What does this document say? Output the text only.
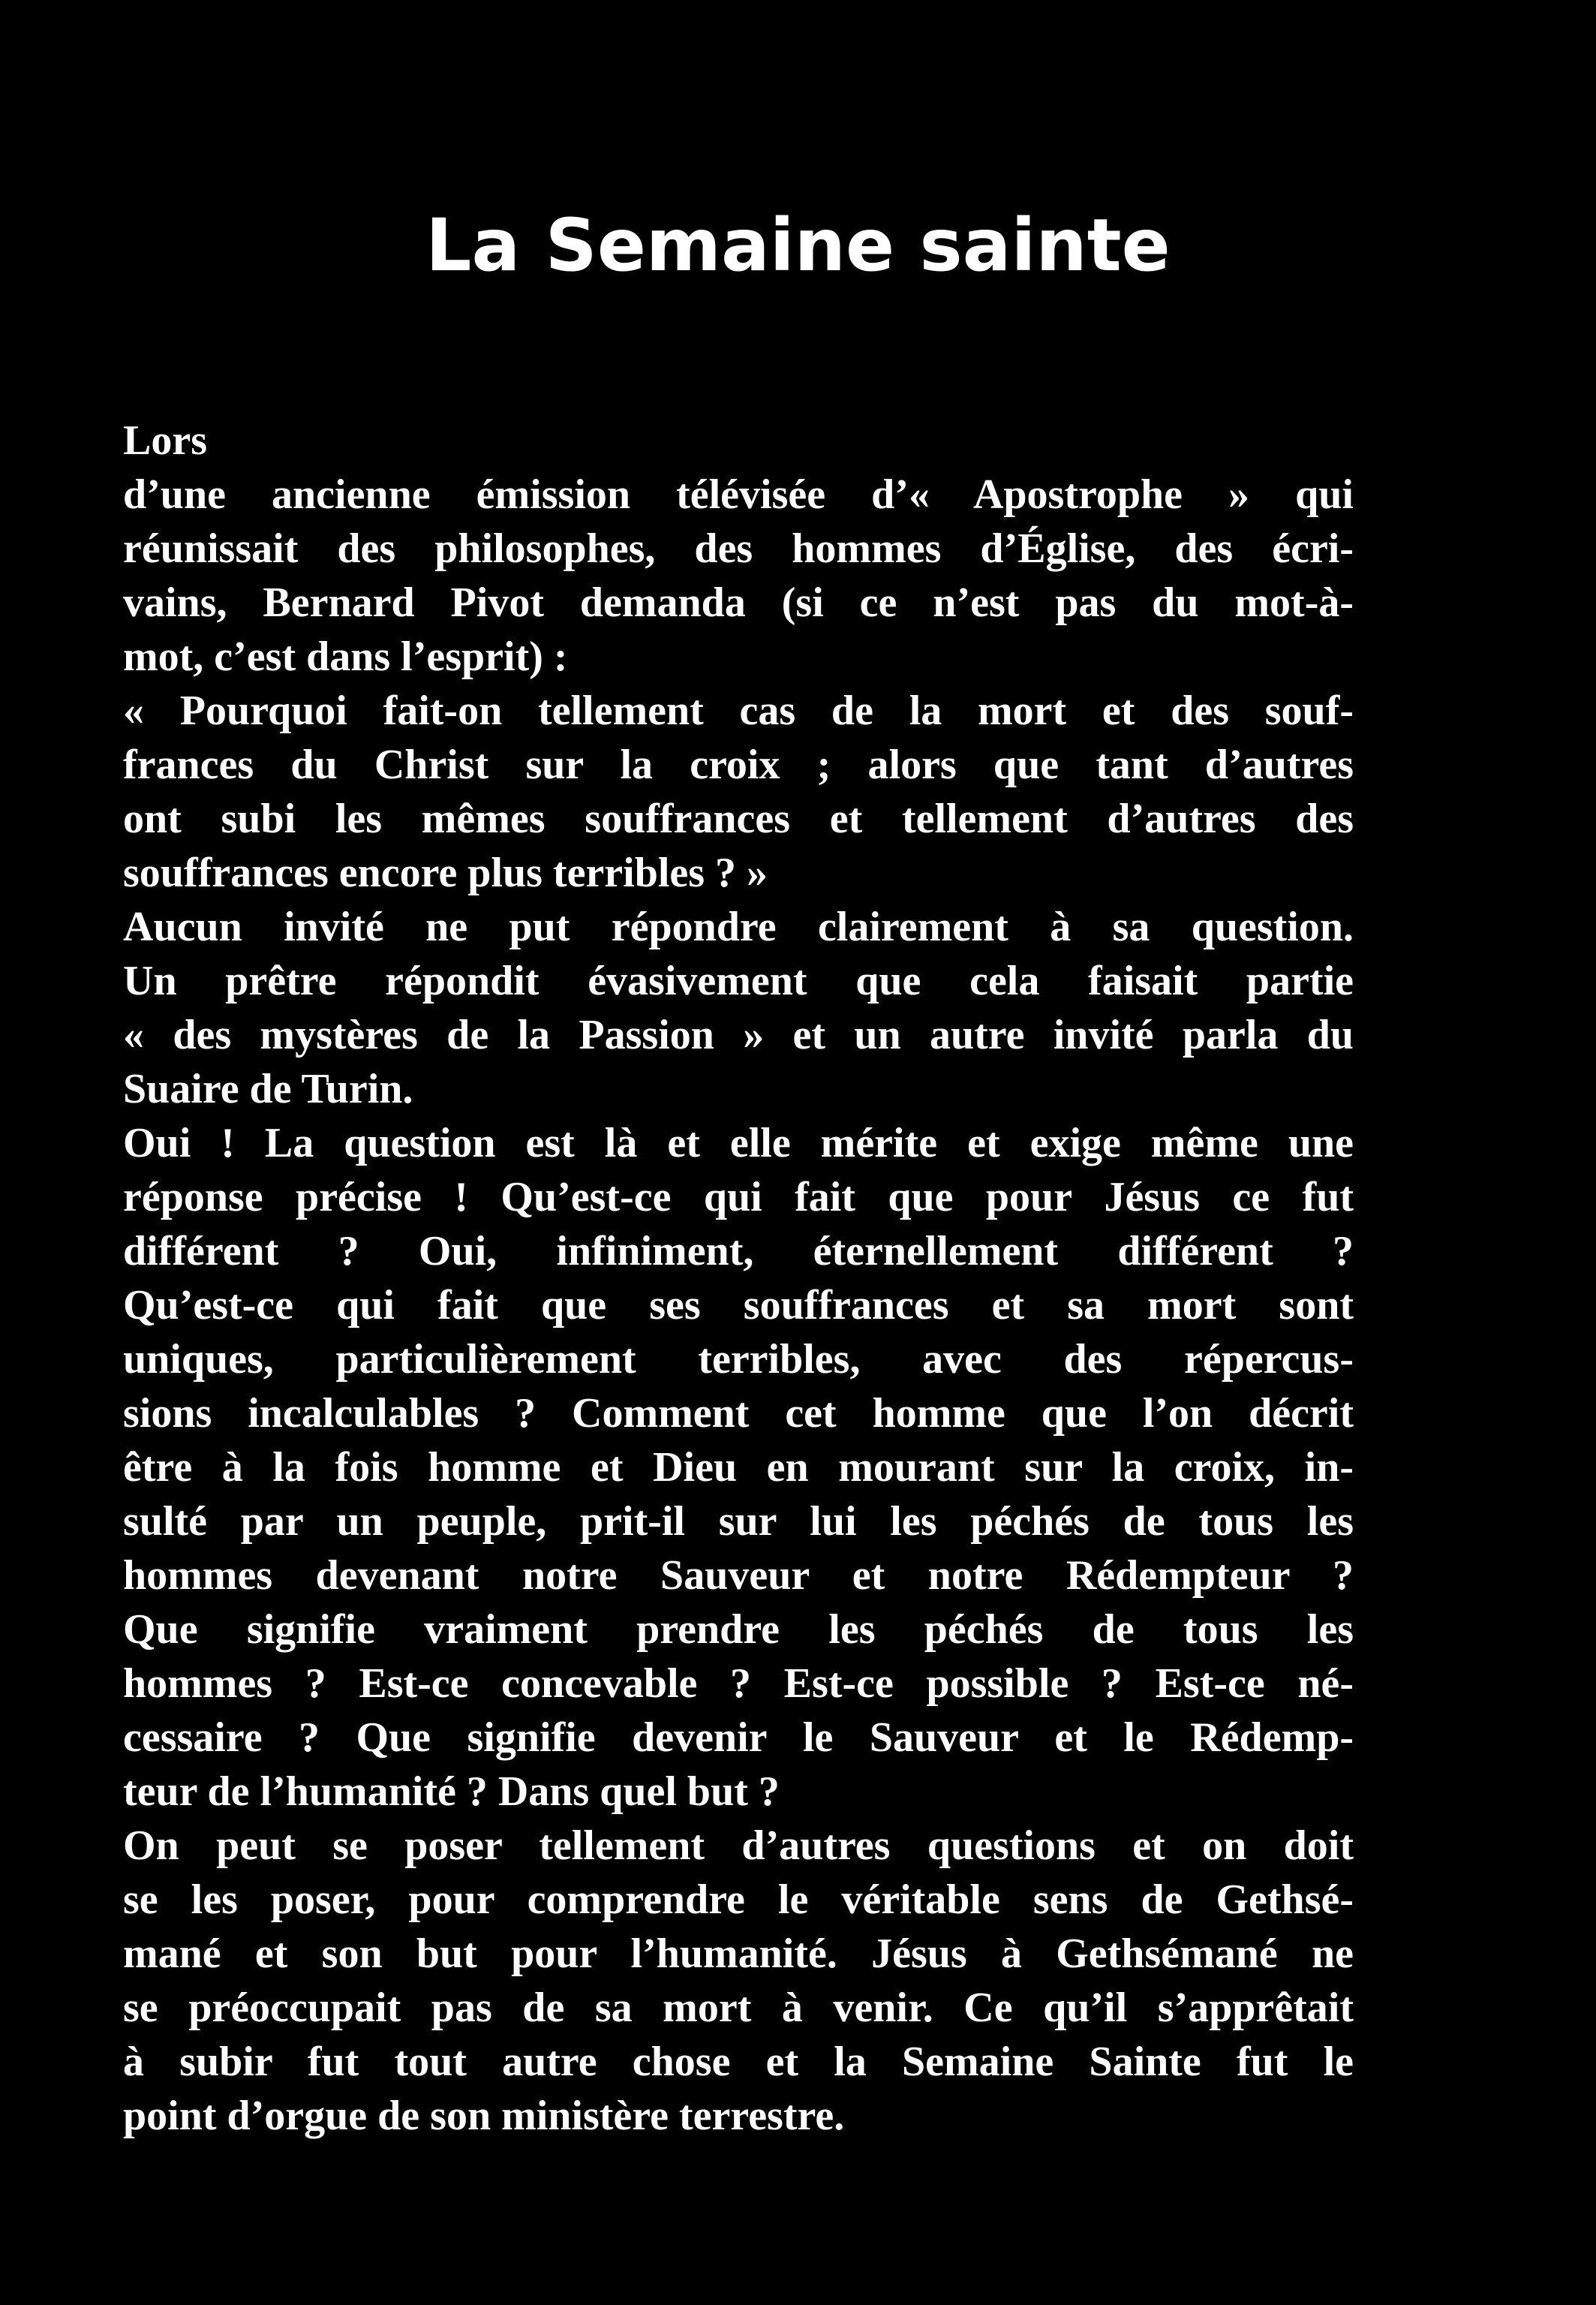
La Semaine sainte
Lors
d’une ancienne émission télévisée d’« Apostrophe » qui
réunissait des philosophes, des hommes d’Église, des écri-
vains, Bernard Pivot demanda (si ce n’est pas du mot-à-
mot, c’est dans l’esprit) :
« Pourquoi fait-on tellement cas de la mort et des souf-
frances du Christ sur la croix ; alors que tant d’autres
ont subi les mêmes souffrances et tellement d’autres des
souffrances encore plus terribles ? »
Aucun invité ne put répondre clairement à sa question.
Un prêtre répondit évasivement que cela faisait partie
« des mystères de la Passion » et un autre invité parla du
Suaire de Turin.
Oui ! La question est là et elle mérite et exige même une
réponse précise ! Qu’est-ce qui fait que pour Jésus ce fut
différent ? Oui, infiniment, éternellement différent ?
Qu’est-ce qui fait que ses souffrances et sa mort sont
uniques, particulièrement terribles, avec des répercus-
sions incalculables ? Comment cet homme que l’on décrit
être à la fois homme et Dieu en mourant sur la croix, in-
sulté par un peuple, prit-il sur lui les péchés de tous les
hommes devenant notre Sauveur et notre Rédempteur ?
Que signifie vraiment prendre les péchés de tous les
hommes ? Est-ce concevable ? Est-ce possible ? Est-ce né-
cessaire ? Que signifie devenir le Sauveur et le Rédemp-
teur de l’humanité ? Dans quel but ?
On peut se poser tellement d’autres questions et on doit
se les poser, pour comprendre le véritable sens de Gethsé-
mané et son but pour l’humanité. Jésus à Gethsémané ne
se préoccupait pas de sa mort à venir. Ce qu’il s’apprêtait
à subir fut tout autre chose et la Semaine Sainte fut le
point d’orgue de son ministère terrestre.
